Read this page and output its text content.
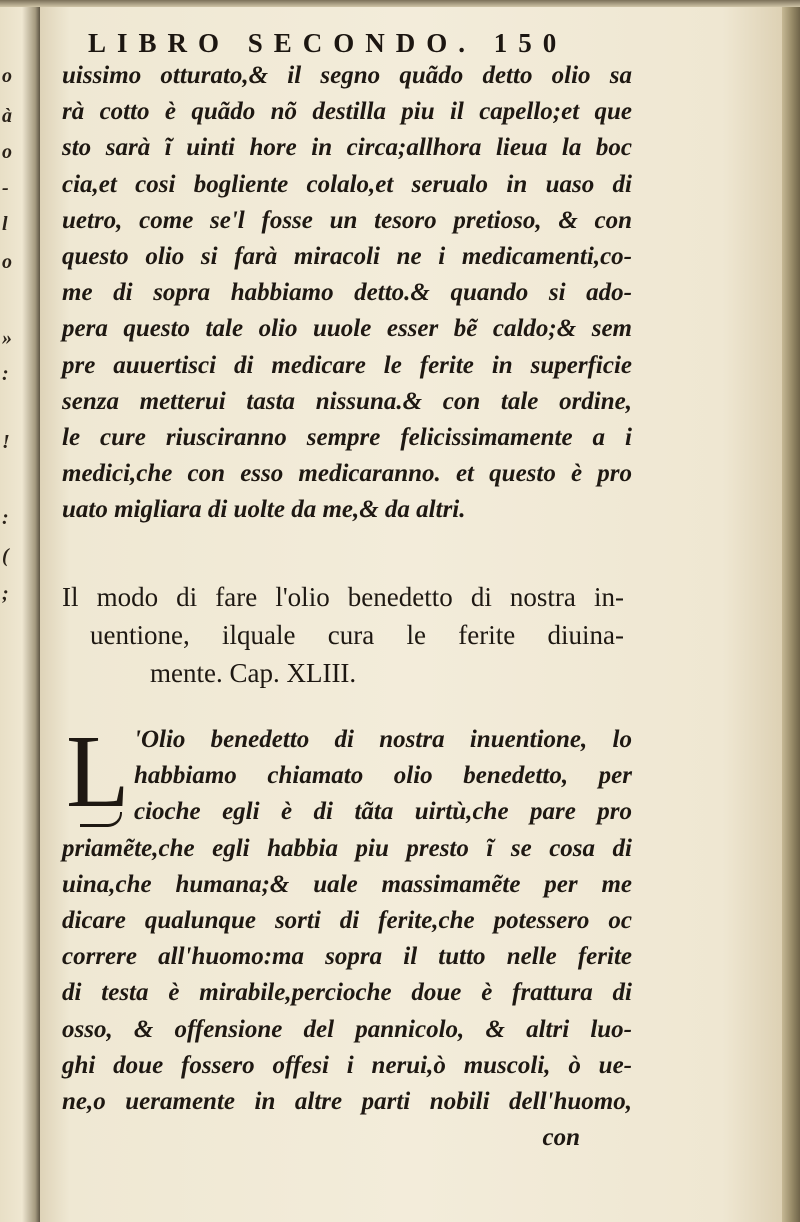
o
à
o
-
l
o
»
:
!
:
(
;
LIBRO SECONDO. 150
uissimo otturato,& il segno quãdo detto olio sa
rà cotto è quãdo nõ destilla piu il capello;et que
sto sarà ĩ uinti hore in circa;allhora lieua la boc
cia,et cosi bogliente colalo,et serualo in uaso di
uetro, come se'l fosse un tesoro pretioso, & con
questo olio si farà miracoli ne i medicamenti,co-
me di sopra habbiamo detto.& quando si ado-
pera questo tale olio uuole esser bẽ caldo;& sem
pre auuertisci di medicare le ferite in superficie
senza metterui tasta nissuna.& con tale ordine,
le cure riusciranno sempre felicissimamente a i
medici,che con esso medicaranno. et questo è pro
uato migliara di uolte da me,& da altri.
Il modo di fare l'olio benedetto di nostra in-
uentione, ilquale cura le ferite diuina-
mente. Cap. XLIII.
L 'Olio benedetto di nostra inuentione, lo
habbiamo chiamato olio benedetto, per
cioche egli è di tãta uirtù,che pare pro
priamẽte,che egli habbia piu presto ĩ se cosa di
uina,che humana;& uale massimamẽte per me
dicare qualunque sorti di ferite,che potessero oc
correre all'huomo:ma sopra il tutto nelle ferite
di testa è mirabile,percioche doue è frattura di
osso, & offensione del pannicolo, & altri luo-
ghi doue fossero offesi i nerui,ò muscoli, ò ue-
ne,o ueramente in altre parti nobili dell'huomo,
con
